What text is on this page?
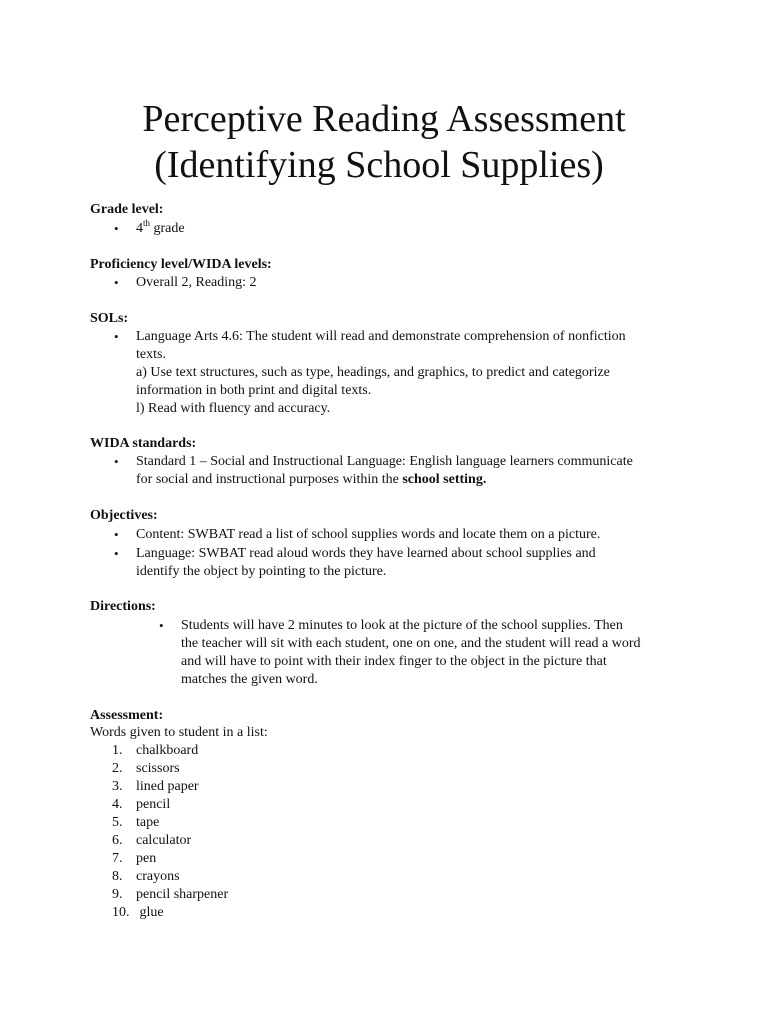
Perceptive Reading Assessment
(Identifying School Supplies)
Grade level:
• 4th grade
Proficiency level/WIDA levels:
• Overall 2, Reading: 2
SOLs:
• Language Arts 4.6: The student will read and demonstrate comprehension of nonfiction
texts.
a) Use text structures, such as type, headings, and graphics, to predict and categorize
information in both print and digital texts.
l) Read with fluency and accuracy.
WIDA standards:
• Standard 1 – Social and Instructional Language: English language learners communicate
for social and instructional purposes within the school setting.
Objectives:
• Content: SWBAT read a list of school supplies words and locate them on a picture.
• Language: SWBAT read aloud words they have learned about school supplies and
identify the object by pointing to the picture.
Directions:
• Students will have 2 minutes to look at the picture of the school supplies. Then
the teacher will sit with each student, one on one, and the student will read a word
and will have to point with their index finger to the object in the picture that
matches the given word.
Assessment:
Words given to student in a list:
1. chalkboard
2. scissors
3. lined paper
4. pencil
5. tape
6. calculator
7. pen
8. crayons
9. pencil sharpener
10. glue
